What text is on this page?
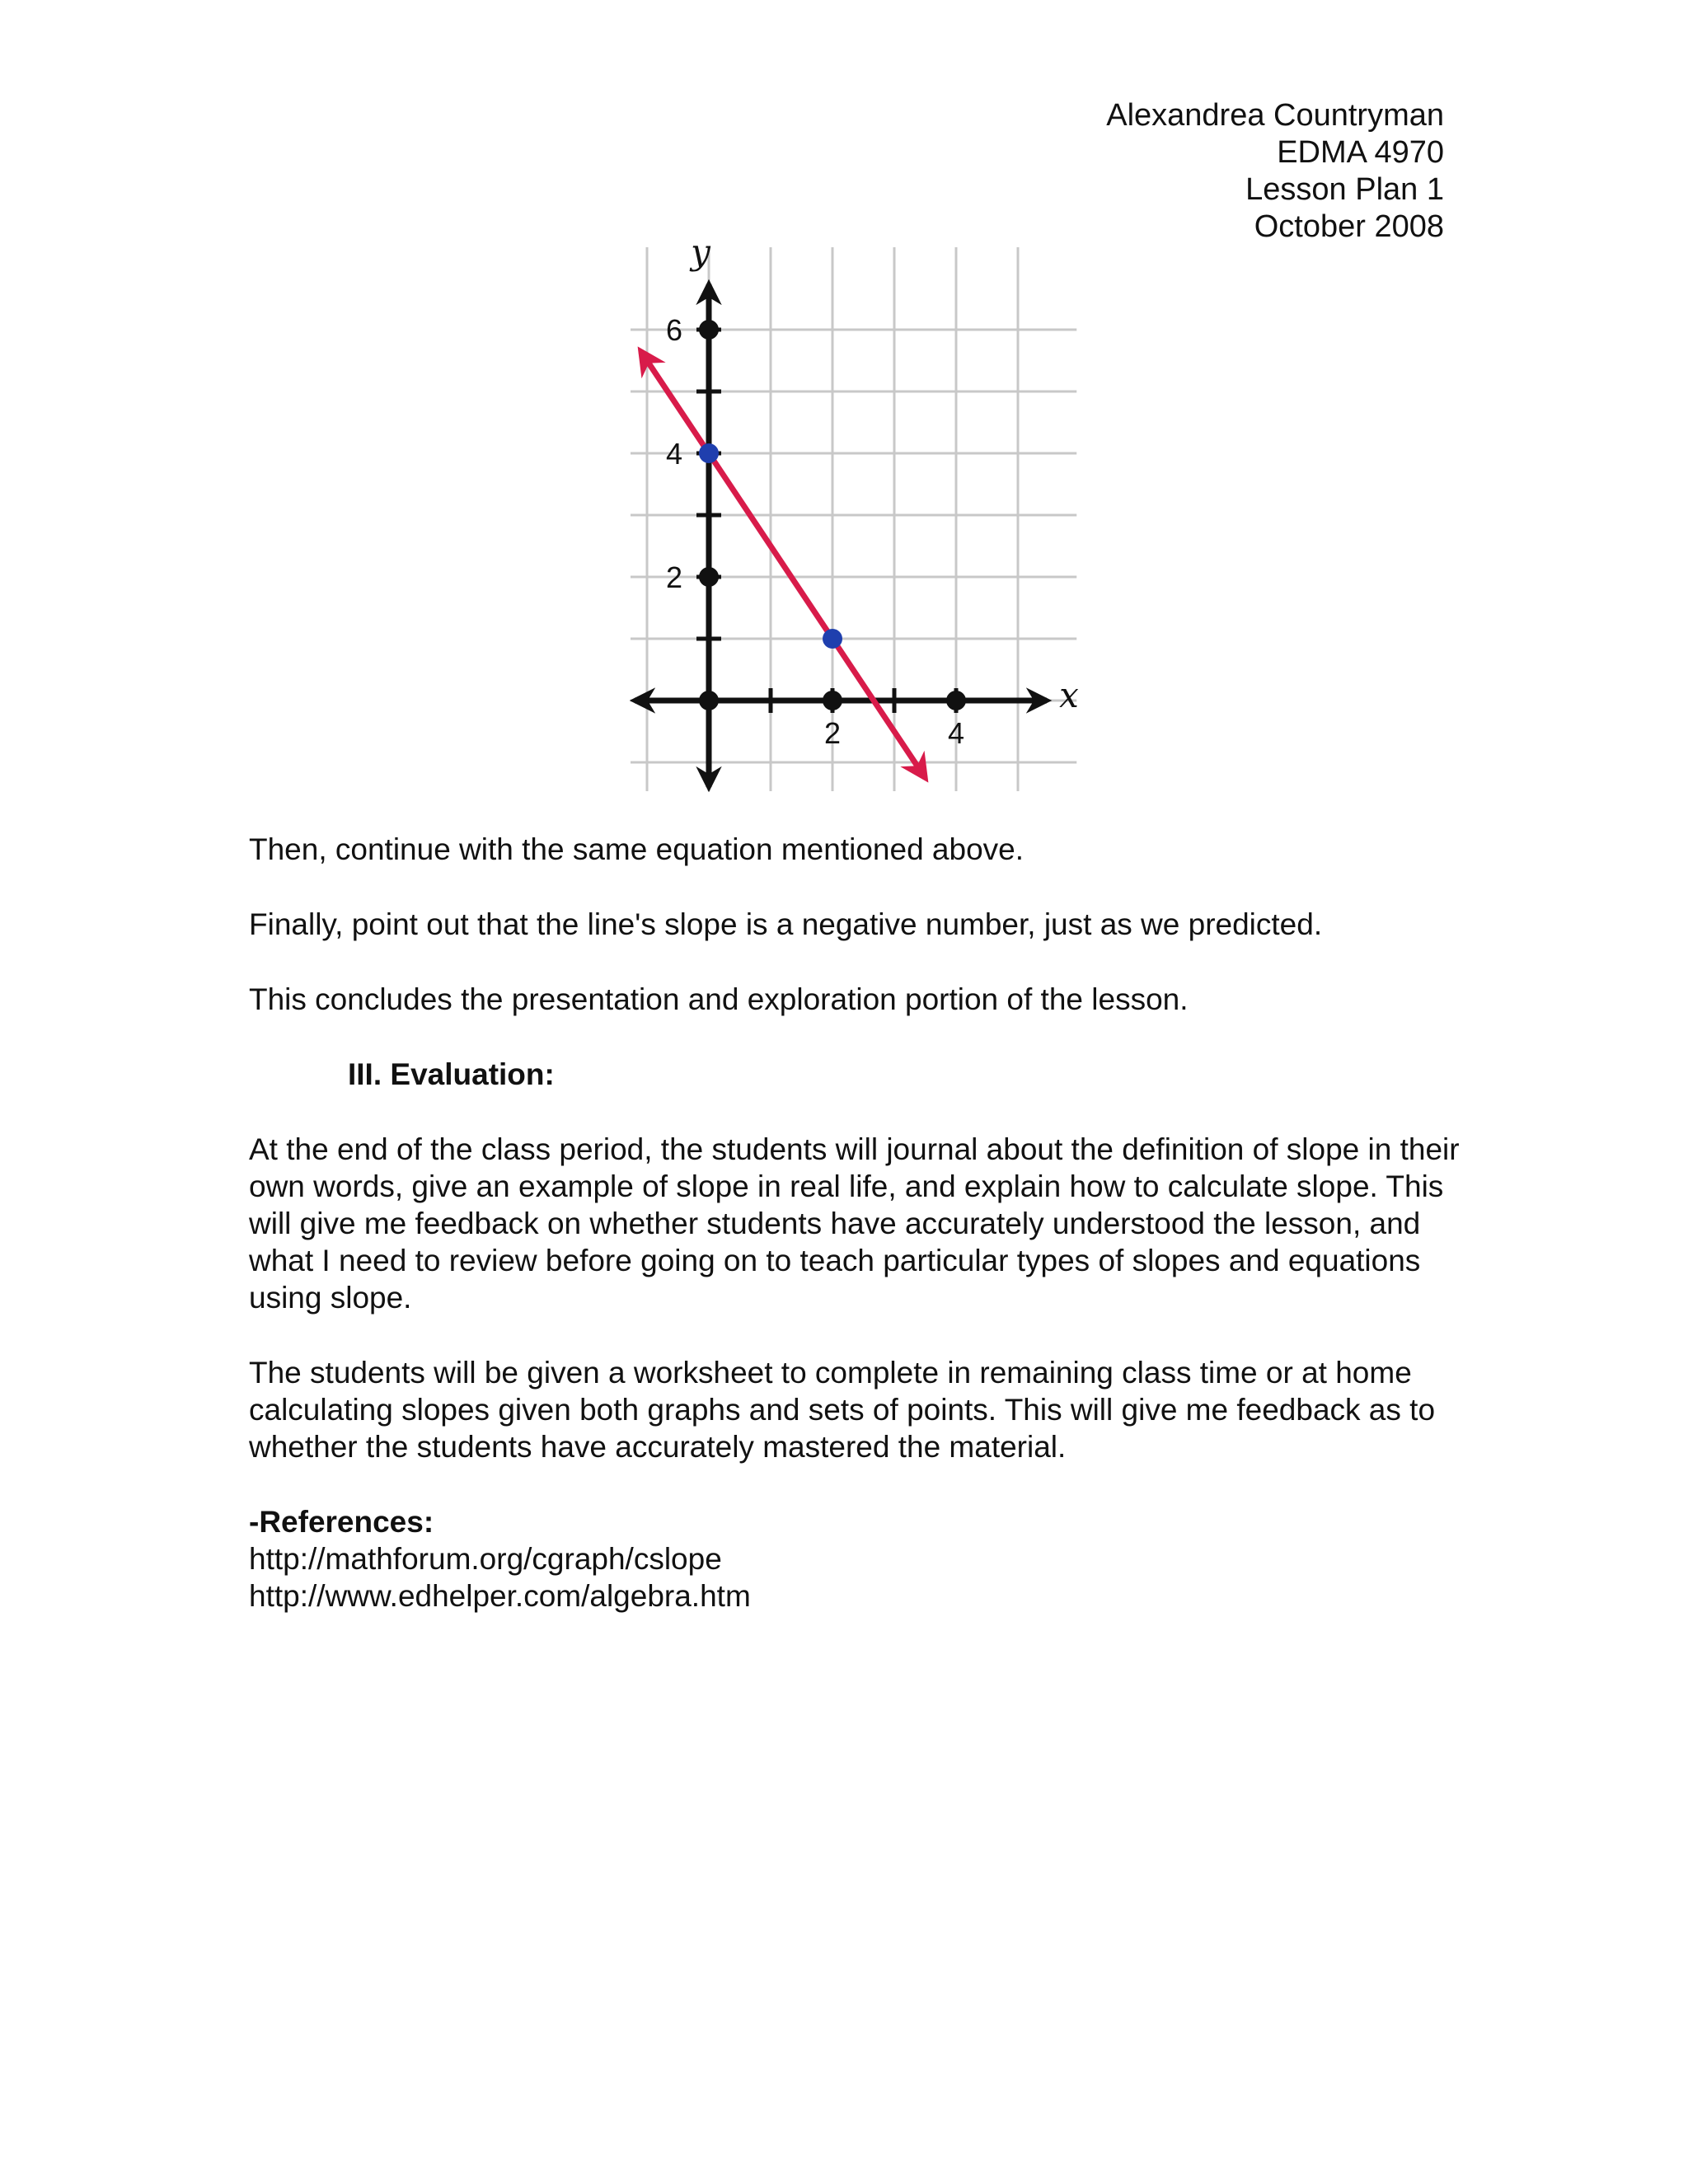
Alexandrea Countryman
EDMA 4970
Lesson Plan 1
October 2008
2	4
2
4
6
x
y

Then, continue with the same equation mentioned above.

Finally, point out that the line's slope is a negative number, just as we predicted.

This concludes the presentation and exploration portion of the lesson.

III. Evaluation:

At the end of the class period, the students will journal about the definition of slope in their own words, give an example of slope in real life, and explain how to calculate slope. This will give me feedback on whether students have accurately understood the lesson, and what I need to review before going on to teach particular types of slopes and equations using slope.

The students will be given a worksheet to complete in remaining class time or at home calculating slopes given both graphs and sets of points. This will give me feedback as to whether the students have accurately mastered the material.

-References:
http://mathforum.org/cgraph/cslope
http://www.edhelper.com/algebra.htm
